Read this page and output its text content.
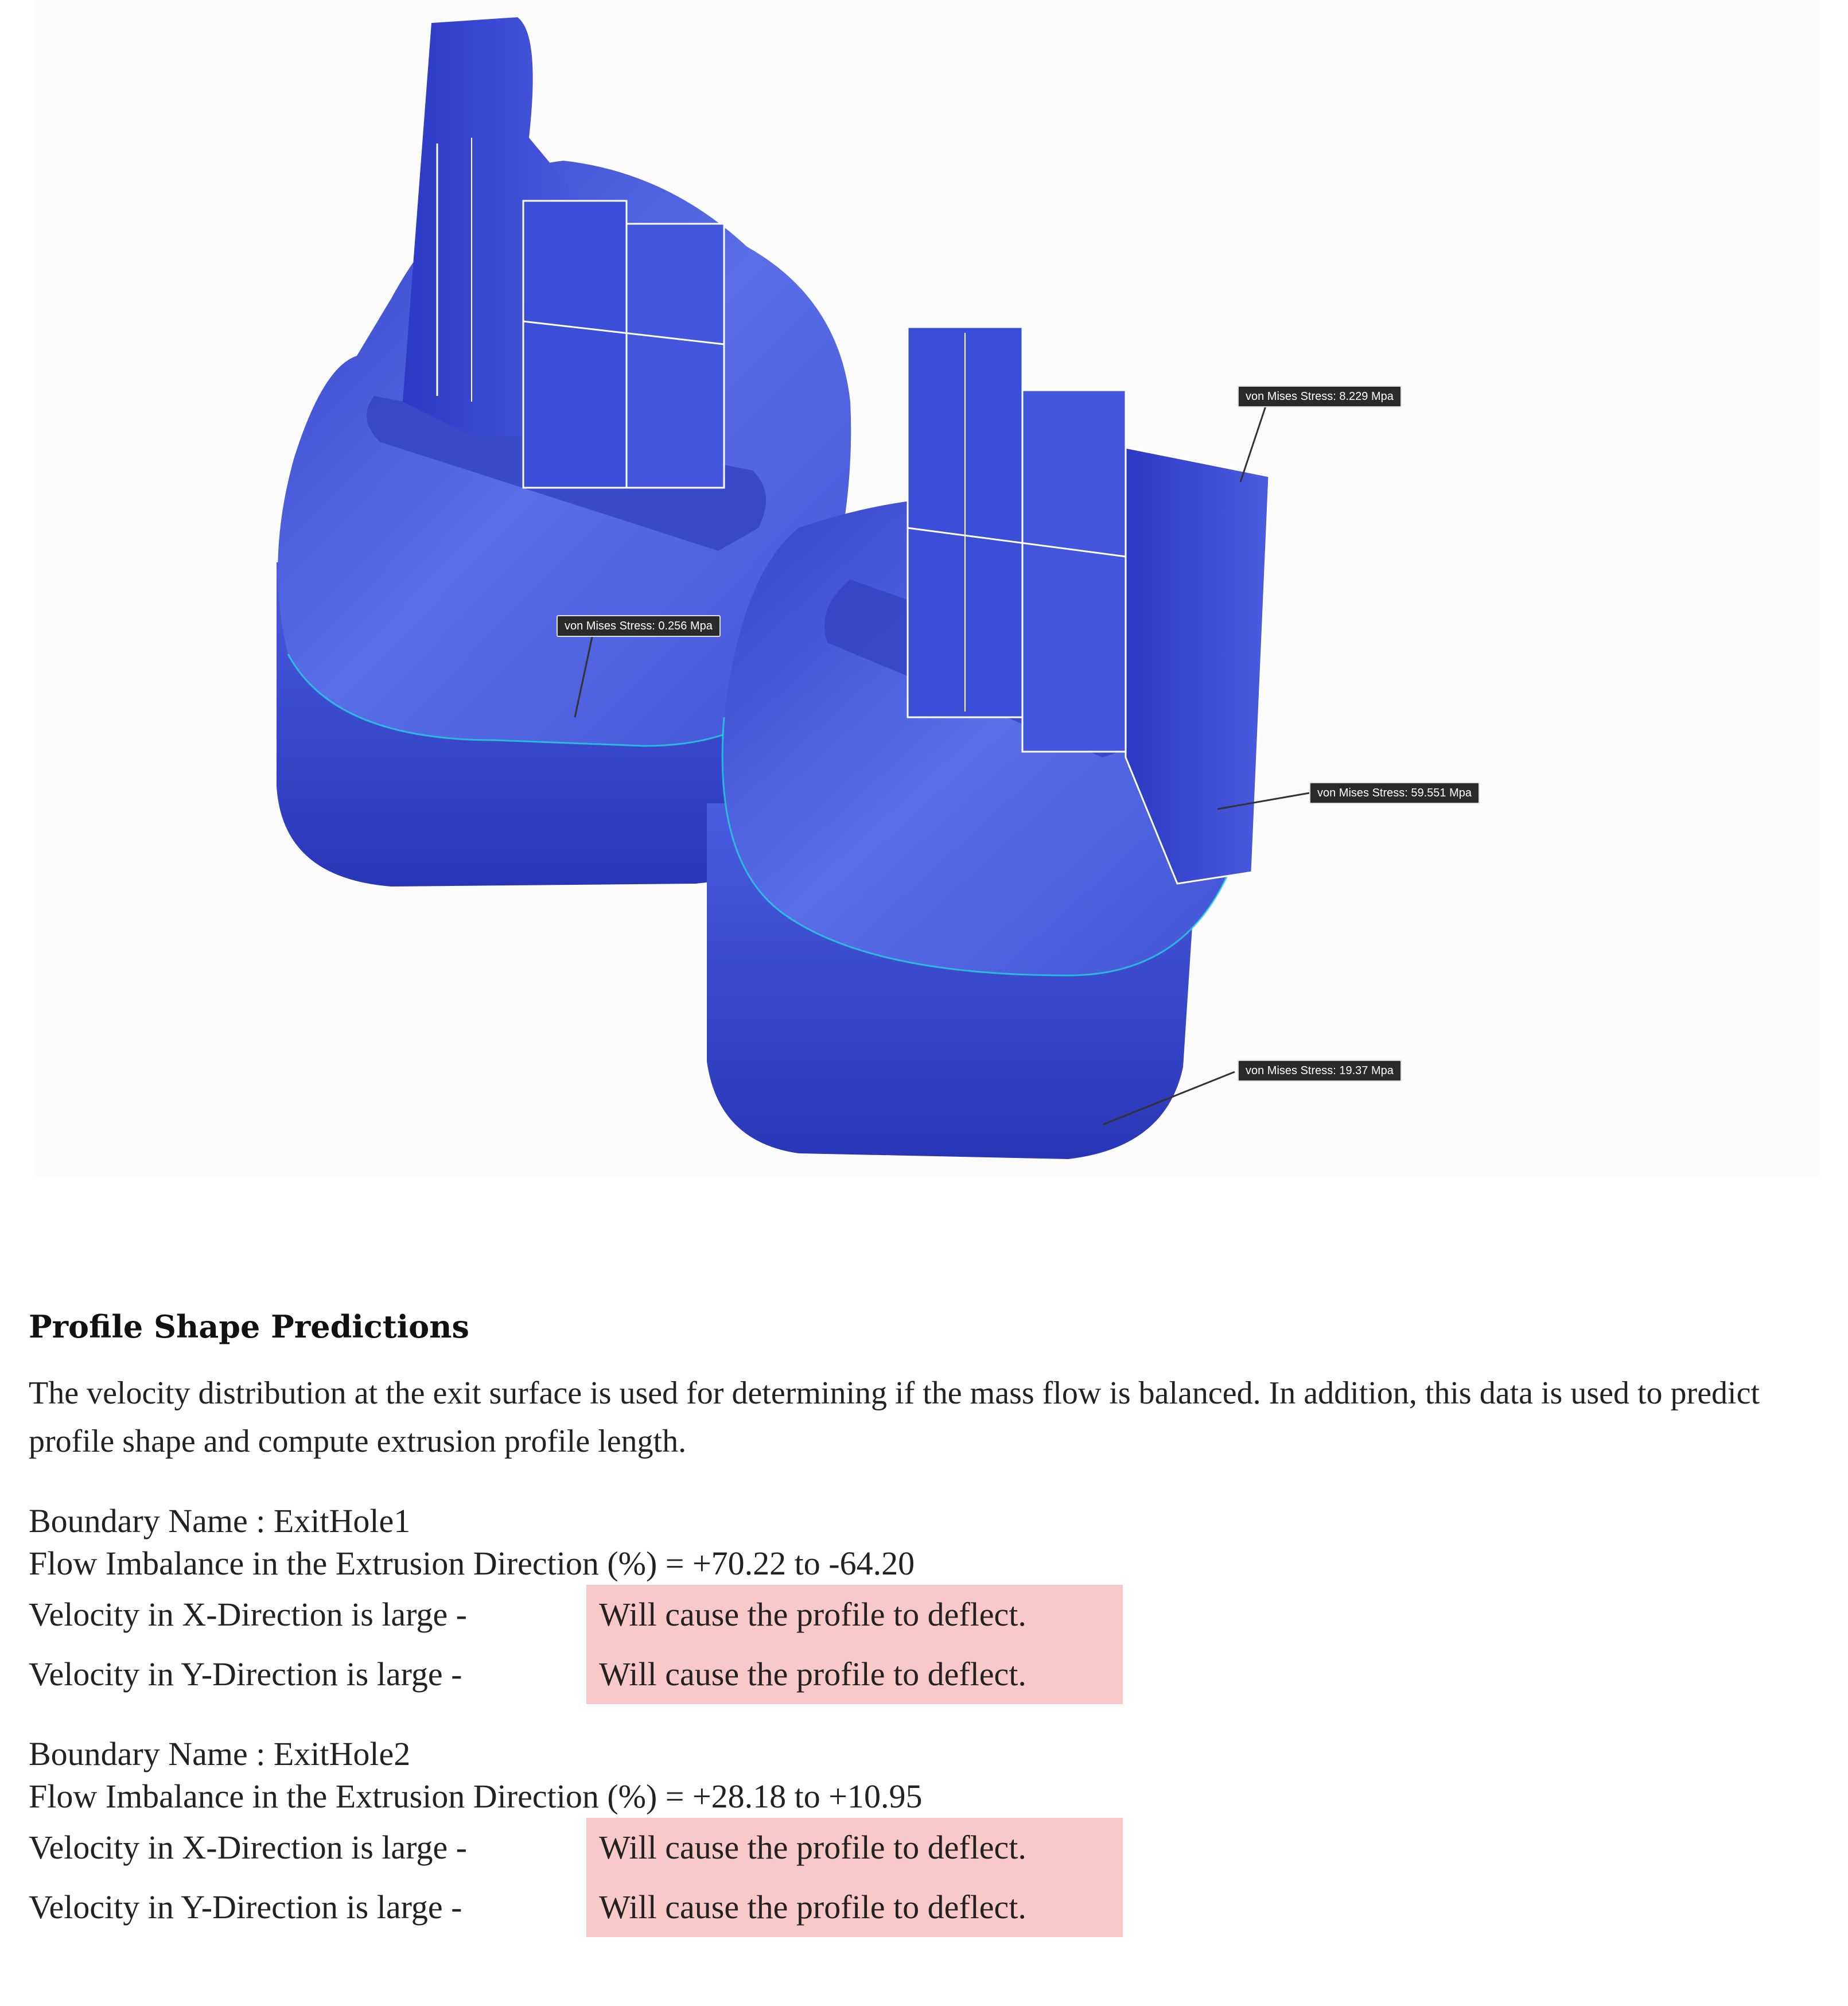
von Mises Stress: 0.256 Mpa
von Mises Stress: 8.229 Mpa
von Mises Stress: 59.551 Mpa
von Mises Stress: 19.37 Mpa
Profile Shape Predictions
The velocity distribution at the exit surface is used for determining if the mass flow is balanced. In addition, this data is used to predict profile shape and compute extrusion profile length.
Boundary Name : ExitHole1
Flow Imbalance in the Extrusion Direction (%) = +70.22 to -64.20
Velocity in X-Direction is large -	Will cause the profile to deflect.
Velocity in Y-Direction is large -	Will cause the profile to deflect.
Boundary Name : ExitHole2
Flow Imbalance in the Extrusion Direction (%) = +28.18 to +10.95
Velocity in X-Direction is large -	Will cause the profile to deflect.
Velocity in Y-Direction is large -	Will cause the profile to deflect.
